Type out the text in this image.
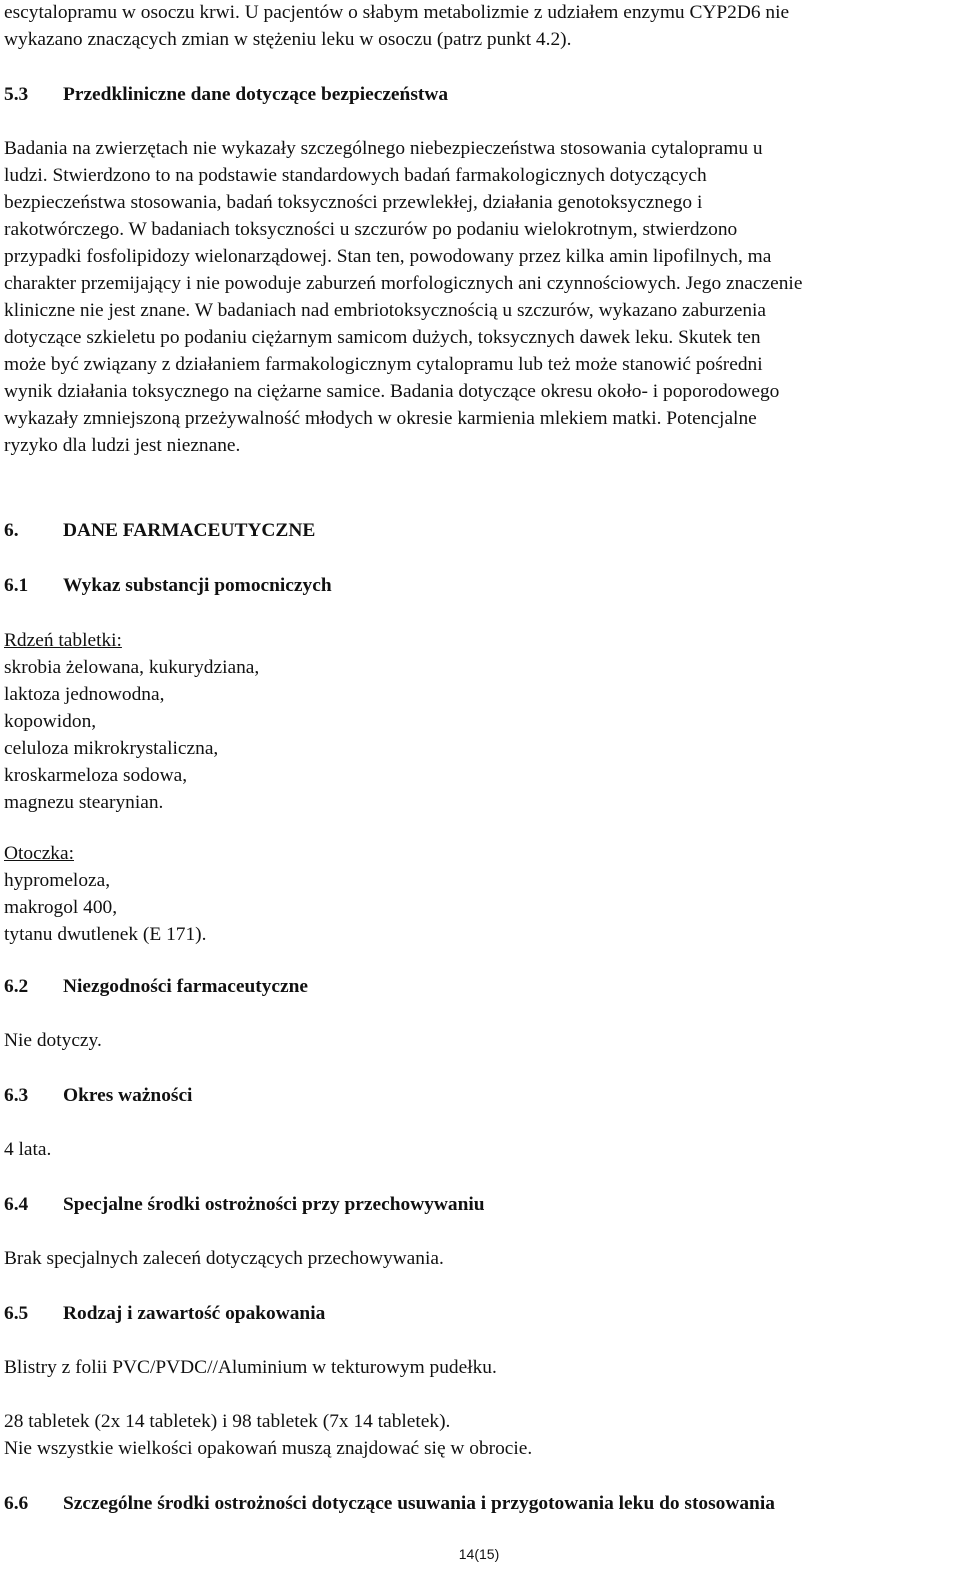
escytalopramu w osoczu krwi. U pacjentów o słabym metabolizmie z udziałem enzymu CYP2D6 nie
wykazano znaczących zmian w stężeniu leku w osoczu (patrz punkt 4.2).
5.3	Przedkliniczne dane dotyczące bezpieczeństwa
Badania na zwierzętach nie wykazały szczególnego niebezpieczeństwa stosowania cytalopramu u
ludzi. Stwierdzono to na podstawie standardowych badań farmakologicznych dotyczących
bezpieczeństwa stosowania, badań toksyczności przewlekłej, działania genotoksycznego i
rakotwórczego. W badaniach toksyczności u szczurów po podaniu wielokrotnym, stwierdzono
przypadki fosfolipidozy wielonarządowej. Stan ten, powodowany przez kilka amin lipofilnych, ma
charakter przemijający i nie powoduje zaburzeń morfologicznych ani czynnościowych. Jego znaczenie
kliniczne nie jest znane. W badaniach nad embriotoksycznością u szczurów, wykazano zaburzenia
dotyczące szkieletu po podaniu ciężarnym samicom dużych, toksycznych dawek leku. Skutek ten
może być związany z działaniem farmakologicznym cytalopramu lub też może stanowić pośredni
wynik działania toksycznego na ciężarne samice. Badania dotyczące okresu około- i poporodowego
wykazały zmniejszoną przeżywalność młodych w okresie karmienia mlekiem matki. Potencjalne
ryzyko dla ludzi jest nieznane.
6.	DANE FARMACEUTYCZNE
6.1	Wykaz substancji pomocniczych
Rdzeń tabletki:
skrobia żelowana, kukurydziana,
laktoza jednowodna,
kopowidon,
celuloza mikrokrystaliczna,
kroskarmeloza sodowa,
magnezu stearynian.
Otoczka:
hypromeloza,
makrogol 400,
tytanu dwutlenek (E 171).
6.2	Niezgodności farmaceutyczne
Nie dotyczy.
6.3	Okres ważności
4 lata.
6.4	Specjalne środki ostrożności przy przechowywaniu
Brak specjalnych zaleceń dotyczących przechowywania.
6.5	Rodzaj i zawartość opakowania
Blistry z folii PVC/PVDC//Aluminium w tekturowym pudełku.
28 tabletek (2x 14 tabletek) i 98 tabletek (7x 14 tabletek).
Nie wszystkie wielkości opakowań muszą znajdować się w obrocie.
6.6	Szczególne środki ostrożności dotyczące usuwania i przygotowania leku do stosowania
14(15)
